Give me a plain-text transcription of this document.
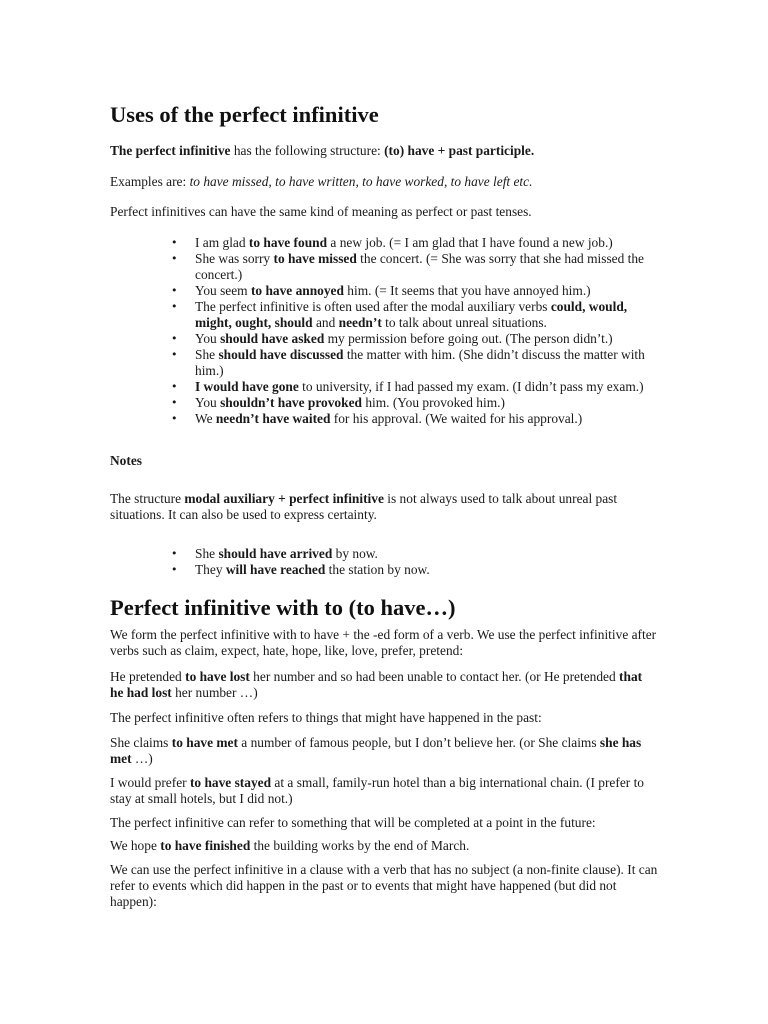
Uses of the perfect infinitive

The perfect infinitive has the following structure: (to) have + past participle.

Examples are: to have missed, to have written, to have worked, to have left etc.

Perfect infinitives can have the same kind of meaning as perfect or past tenses.

• I am glad to have found a new job. (= I am glad that I have found a new job.)
• She was sorry to have missed the concert. (= She was sorry that she had missed the concert.)
• You seem to have annoyed him. (= It seems that you have annoyed him.)
• The perfect infinitive is often used after the modal auxiliary verbs could, would, might, ought, should and needn’t to talk about unreal situations.
• You should have asked my permission before going out. (The person didn’t.)
• She should have discussed the matter with him. (She didn’t discuss the matter with him.)
• I would have gone to university, if I had passed my exam. (I didn’t pass my exam.)
• You shouldn’t have provoked him. (You provoked him.)
• We needn’t have waited for his approval. (We waited for his approval.)

Notes

The structure modal auxiliary + perfect infinitive is not always used to talk about unreal past situations. It can also be used to express certainty.

• She should have arrived by now.
• They will have reached the station by now.
Perfect infinitive with to (to have…)

We form the perfect infinitive with to have + the -ed form of a verb. We use the perfect infinitive after verbs such as claim, expect, hate, hope, like, love, prefer, pretend:

He pretended to have lost her number and so had been unable to contact her. (or He pretended that he had lost her number …)

The perfect infinitive often refers to things that might have happened in the past:

She claims to have met a number of famous people, but I don’t believe her. (or She claims she has met …)

I would prefer to have stayed at a small, family-run hotel than a big international chain. (I prefer to stay at small hotels, but I did not.)

The perfect infinitive can refer to something that will be completed at a point in the future:

We hope to have finished the building works by the end of March.

We can use the perfect infinitive in a clause with a verb that has no subject (a non-finite clause). It can refer to events which did happen in the past or to events that might have happened (but did not happen):
